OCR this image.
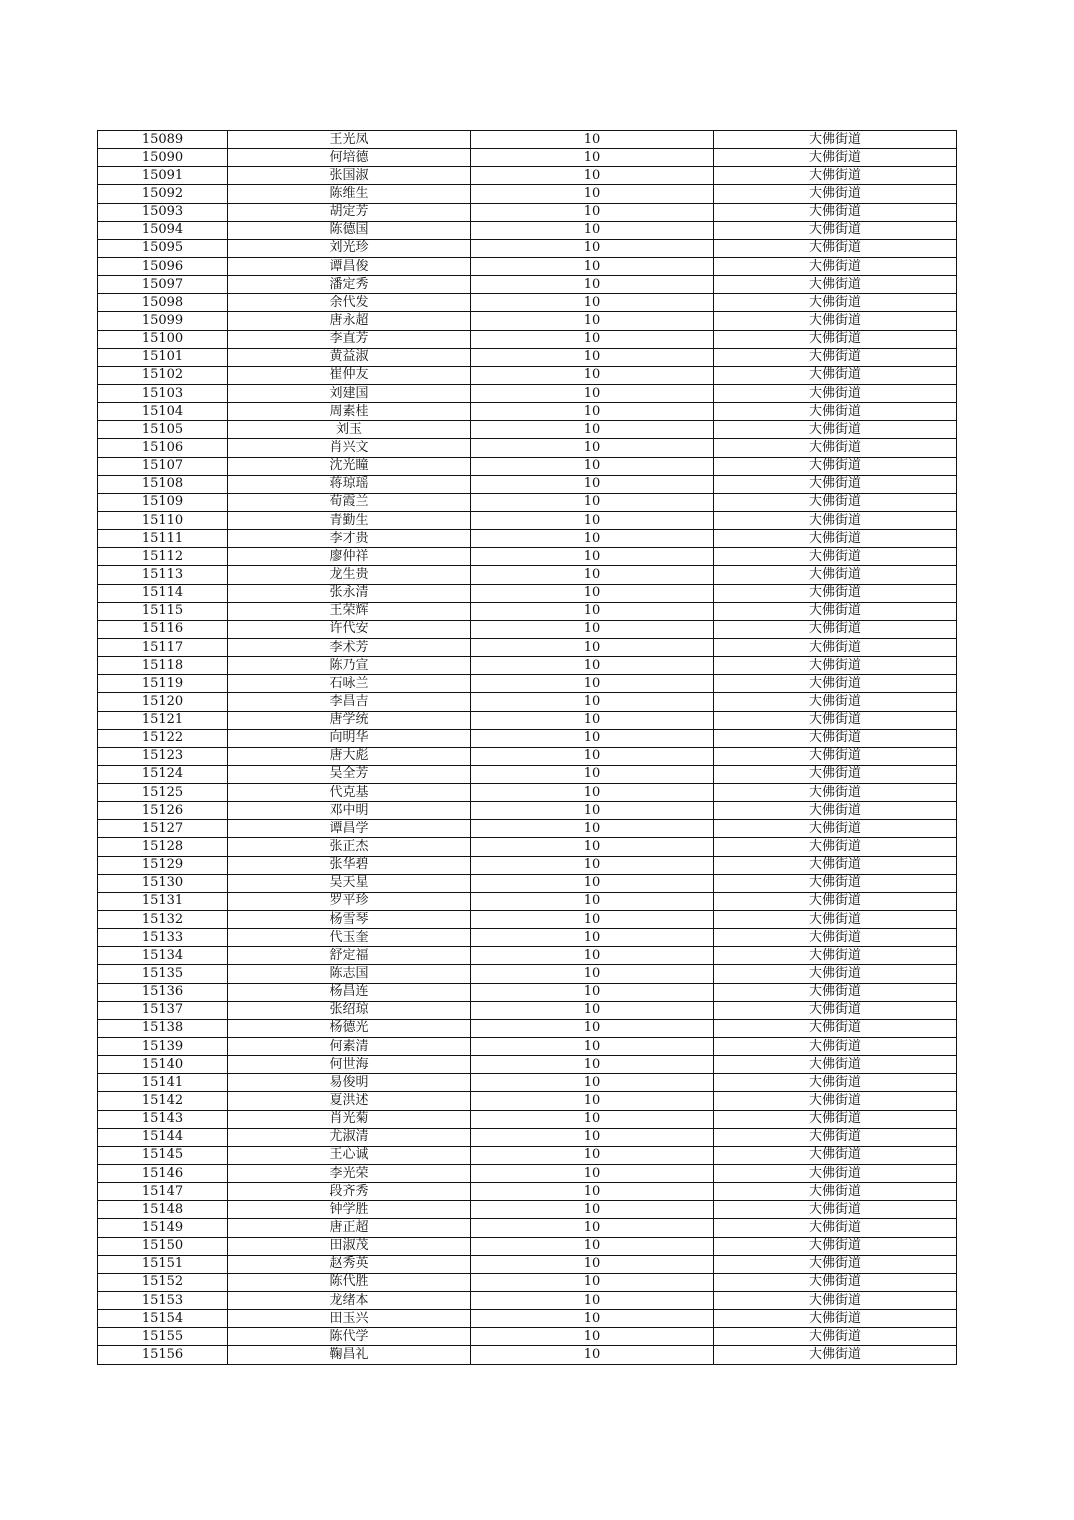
15089	王光凤	10	大佛街道
15090	何培德	10	大佛街道
15091	张国淑	10	大佛街道
15092	陈维生	10	大佛街道
15093	胡定芳	10	大佛街道
15094	陈德国	10	大佛街道
15095	刘光珍	10	大佛街道
15096	谭昌俊	10	大佛街道
15097	潘定秀	10	大佛街道
15098	余代发	10	大佛街道
15099	唐永超	10	大佛街道
15100	李直芳	10	大佛街道
15101	黄益淑	10	大佛街道
15102	崔仲友	10	大佛街道
15103	刘建国	10	大佛街道
15104	周素桂	10	大佛街道
15105	刘玉	10	大佛街道
15106	肖兴文	10	大佛街道
15107	沈光瞳	10	大佛街道
15108	蒋琼瑶	10	大佛街道
15109	荀霞兰	10	大佛街道
15110	青勤生	10	大佛街道
15111	李才贵	10	大佛街道
15112	廖仲祥	10	大佛街道
15113	龙生贵	10	大佛街道
15114	张永清	10	大佛街道
15115	王荣辉	10	大佛街道
15116	许代安	10	大佛街道
15117	李术芳	10	大佛街道
15118	陈乃宣	10	大佛街道
15119	石咏兰	10	大佛街道
15120	李昌吉	10	大佛街道
15121	唐学统	10	大佛街道
15122	向明华	10	大佛街道
15123	唐大彪	10	大佛街道
15124	吴全芳	10	大佛街道
15125	代克基	10	大佛街道
15126	邓中明	10	大佛街道
15127	谭昌学	10	大佛街道
15128	张正杰	10	大佛街道
15129	张华碧	10	大佛街道
15130	吴天星	10	大佛街道
15131	罗平珍	10	大佛街道
15132	杨雪琴	10	大佛街道
15133	代玉奎	10	大佛街道
15134	舒定福	10	大佛街道
15135	陈志国	10	大佛街道
15136	杨昌连	10	大佛街道
15137	张绍琼	10	大佛街道
15138	杨德光	10	大佛街道
15139	何素清	10	大佛街道
15140	何世海	10	大佛街道
15141	易俊明	10	大佛街道
15142	夏洪述	10	大佛街道
15143	肖光菊	10	大佛街道
15144	尤淑清	10	大佛街道
15145	王心诚	10	大佛街道
15146	李光荣	10	大佛街道
15147	段齐秀	10	大佛街道
15148	钟学胜	10	大佛街道
15149	唐正超	10	大佛街道
15150	田淑茂	10	大佛街道
15151	赵秀英	10	大佛街道
15152	陈代胜	10	大佛街道
15153	龙绪本	10	大佛街道
15154	田玉兴	10	大佛街道
15155	陈代学	10	大佛街道
15156	鞠昌礼	10	大佛街道
